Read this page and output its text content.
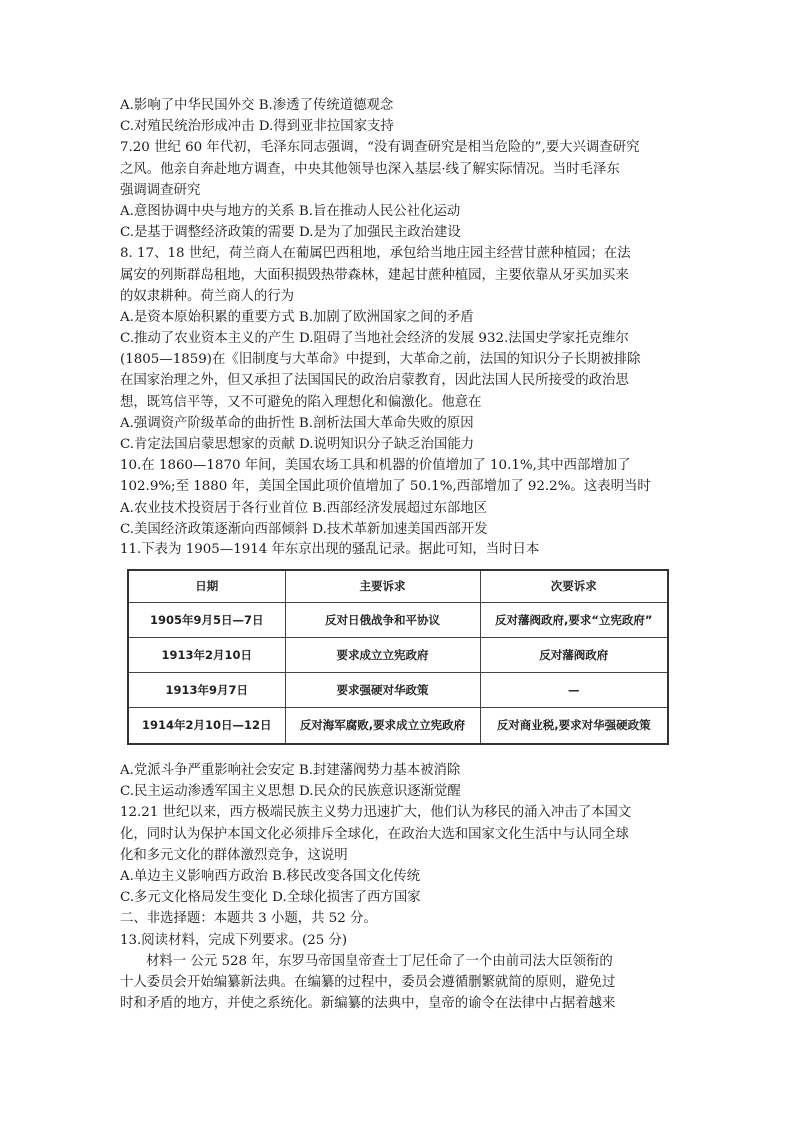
A.影响了中华民国外交 B.渗透了传统道德观念
C.对殖民统治形成冲击 D.得到亚非拉国家支持
7.20 世纪 60 年代初，毛泽东同志强调，“没有调查研究是相当危险的”,要大兴调查研究
之风。他亲自奔赴地方调查，中央其他领导也深入基层·线了解实际情况。当时毛泽东
强调调查研究
A.意图协调中央与地方的关系 B.旨在推动人民公社化运动
C.是基于调整经济政策的需要 D.是为了加强民主政治建设
8. 17、18 世纪，荷兰商人在葡属巴西租地，承包给当地庄园主经营甘蔗种植园；在法
属安的列斯群岛租地，大面积损毁热带森林，建起甘蔗种植园，主要依靠从牙买加买来
的奴隶耕种。荷兰商人的行为
A.是资本原始积累的重要方式 B.加剧了欧洲国家之间的矛盾
C.推动了农业资本主义的产生 D.阻碍了当地社会经济的发展 932.法国史学家托克维尔
(1805—1859)在《旧制度与大革命》中提到，大革命之前，法国的知识分子长期被排除
在国家治理之外，但又承担了法国国民的政治启蒙教育，因此法国人民所接受的政治思
想，既笃信平等，又不可避免的陷入理想化和偏激化。他意在
A.强调资产阶级革命的曲折性 B.剖析法国大革命失败的原因
C.肯定法国启蒙思想家的贡献 D.说明知识分子缺乏治国能力
10.在 1860—1870 年间，美国农场工具和机器的价值增加了 10.1%,其中西部增加了
102.9%;至 1880 年，美国全国此项价值增加了 50.1%,西部增加了 92.2%。这表明当时
A.农业技术投资居于各行业首位 B.西部经济发展超过东部地区
C.美国经济政策逐渐向西部倾斜 D.技术革新加速美国西部开发
11.下表为 1905—1914 年东京出现的骚乱记录。据此可知，当时日本
日期	主要诉求	次要诉求
1905年9月5日—7日	反对日俄战争和平协议	反对藩阀政府,要求“立宪政府”
1913年2月10日	要求成立立宪政府	反对藩阀政府
1913年9月7日	要求强硬对华政策	—
1914年2月10日—12日	反对海军腐败,要求成立立宪政府	反对商业税,要求对华强硬政策
A.党派斗争严重影响社会安定 B.封建藩阀势力基本被消除
C.民主运动渗透军国主义思想 D.民众的民族意识逐渐觉醒
12.21 世纪以来，西方极端民族主义势力迅速扩大，他们认为移民的涌入冲击了本国文
化，同时认为保护本国文化必须排斥全球化，在政治大选和国家文化生活中与认同全球
化和多元文化的群体激烈竞争，这说明
A.单边主义影响西方政治 B.移民改变各国文化传统
C.多元文化格局发生变化 D.全球化损害了西方国家
二、非选择题：本题共 3 小题，共 52 分。
13.阅读材料，完成下列要求。(25 分)
材料一 公元 528 年，东罗马帝国皇帝查士丁尼任命了一个由前司法大臣领衔的
十人委员会开始编纂新法典。在编纂的过程中，委员会遵循删繁就简的原则，避免过
时和矛盾的地方，并使之系统化。新编纂的法典中，皇帝的谕令在法律中占据着越来
